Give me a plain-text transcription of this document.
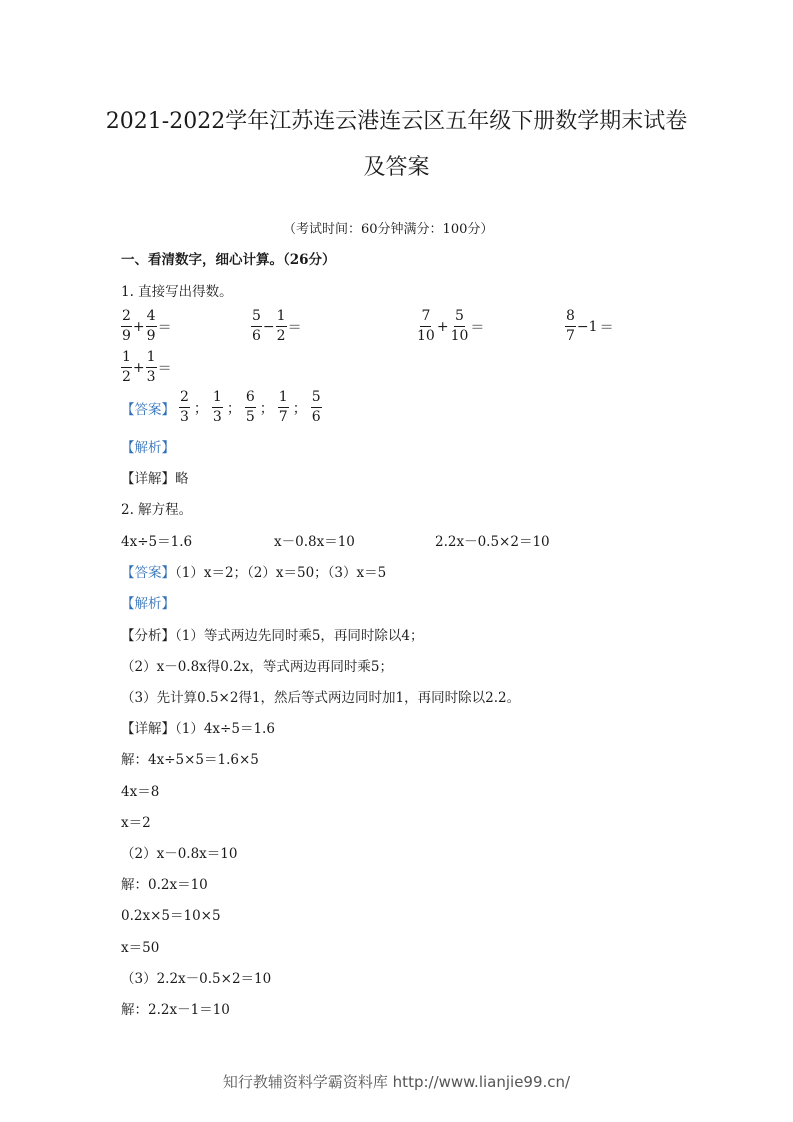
2021-2022学年江苏连云港连云区五年级下册数学期末试卷
及答案
（考试时间：60分钟满分：100分）
一、看清数字，细心计算。（26分）
1. 直接写出得数。
$\frac{2}{9} + \frac{4}{9}$ ＝	$\frac{5}{6} - \frac{1}{2}$ ＝	$\frac{7}{10} + \frac{5}{10}$ ＝	$\frac{8}{7} -1$ ＝
$\frac{1}{2} + \frac{1}{3}$ ＝
【答案】 $\frac{2}{3}$ ； $\frac{1}{3}$ ； $\frac{6}{5}$ ； $\frac{1}{7}$ ； $\frac{5}{6}$
【解析】
【详解】略
2. 解方程。
4x÷5＝1.6	x－0.8x＝10	2.2x－0.5×2＝10
【答案】（1）x＝2；（2）x＝50；（3）x＝5
【解析】
【分析】（1）等式两边先同时乘5，再同时除以4；
（2）x－0.8x得0.2x，等式两边再同时乘5；
（3）先计算0.5×2得1，然后等式两边同时加1，再同时除以2.2。
【详解】（1）4x÷5＝1.6
解：4x÷5×5＝1.6×5
4x＝8
x＝2
（2）x－0.8x＝10
解：0.2x＝10
0.2x×5＝10×5
x＝50
（3）2.2x－0.5×2＝10
解：2.2x－1＝10
知行教辅资料学霸资料库 http://www.lianjie99.cn/
